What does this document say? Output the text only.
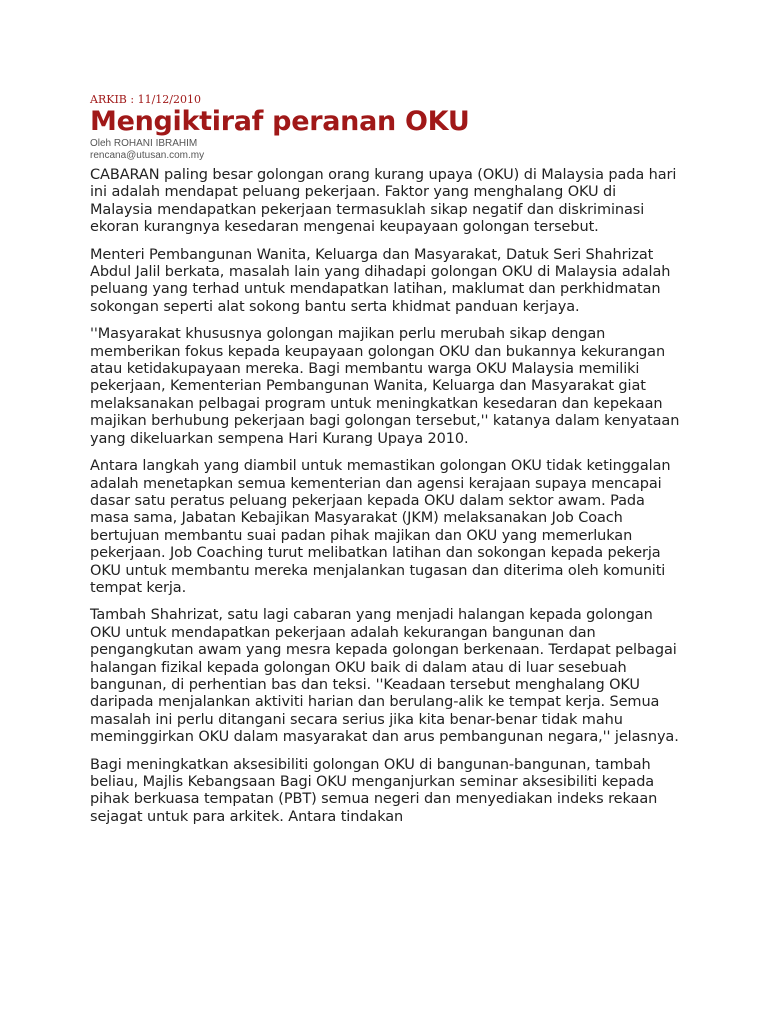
ARKIB : 11/12/2010

Mengiktiraf peranan OKU

Oleh ROHANI IBRAHIM

rencana@utusan.com.my

CABARAN paling besar golongan orang kurang upaya (OKU) di Malaysia pada hari ini adalah mendapat peluang pekerjaan. Faktor yang menghalang OKU di Malaysia mendapatkan pekerjaan termasuklah sikap negatif dan diskriminasi ekoran kurangnya kesedaran mengenai keupayaan golongan tersebut.

Menteri Pembangunan Wanita, Keluarga dan Masyarakat, Datuk Seri Shahrizat Abdul Jalil berkata, masalah lain yang dihadapi golongan OKU di Malaysia adalah peluang yang terhad untuk mendapatkan latihan, maklumat dan perkhidmatan sokongan seperti alat sokong bantu serta khidmat panduan kerjaya.

''Masyarakat khususnya golongan majikan perlu merubah sikap dengan memberikan fokus kepada keupayaan golongan OKU dan bukannya kekurangan atau ketidakupayaan mereka. Bagi membantu warga OKU Malaysia memiliki pekerjaan, Kementerian Pembangunan Wanita, Keluarga dan Masyarakat giat melaksanakan pelbagai program untuk meningkatkan kesedaran dan kepekaan majikan berhubung pekerjaan bagi golongan tersebut,'' katanya dalam kenyataan yang dikeluarkan sempena Hari Kurang Upaya 2010.

Antara langkah yang diambil untuk memastikan golongan OKU tidak ketinggalan adalah menetapkan semua kementerian dan agensi kerajaan supaya mencapai dasar satu peratus peluang pekerjaan kepada OKU dalam sektor awam. Pada masa sama, Jabatan Kebajikan Masyarakat (JKM) melaksanakan Job Coach bertujuan membantu suai padan pihak majikan dan OKU yang memerlukan pekerjaan. Job Coaching turut melibatkan latihan dan sokongan kepada pekerja OKU untuk membantu mereka menjalankan tugasan dan diterima oleh komuniti tempat kerja.

Tambah Shahrizat, satu lagi cabaran yang menjadi halangan kepada golongan OKU untuk mendapatkan pekerjaan adalah kekurangan bangunan dan pengangkutan awam yang mesra kepada golongan berkenaan. Terdapat pelbagai halangan fizikal kepada golongan OKU baik di dalam atau di luar sesebuah bangunan, di perhentian bas dan teksi. ''Keadaan tersebut menghalang OKU daripada menjalankan aktiviti harian dan berulang-alik ke tempat kerja. Semua masalah ini perlu ditangani secara serius jika kita benar-benar tidak mahu meminggirkan OKU dalam masyarakat dan arus pembangunan negara,'' jelasnya.

Bagi meningkatkan aksesibiliti golongan OKU di bangunan-bangunan, tambah beliau, Majlis Kebangsaan Bagi OKU menganjurkan seminar aksesibiliti kepada pihak berkuasa tempatan (PBT) semua negeri dan menyediakan indeks rekaan sejagat untuk para arkitek. Antara tindakan
